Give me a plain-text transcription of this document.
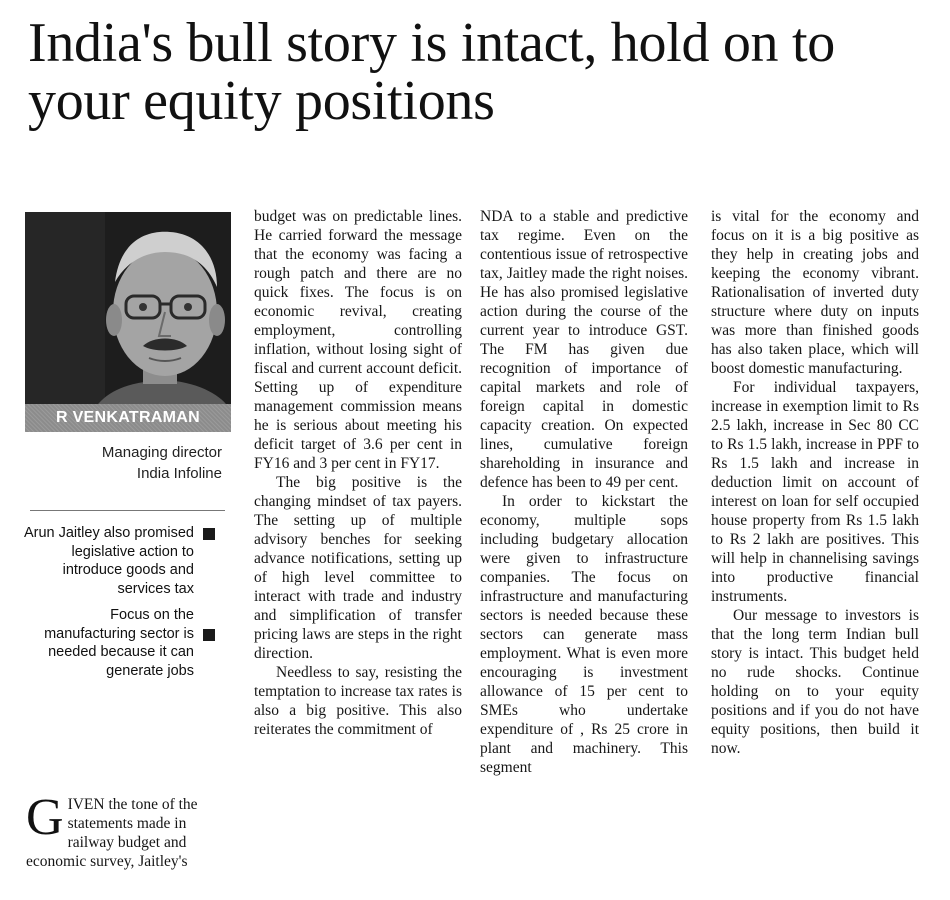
India's bull story is intact, hold on to your equity positions
R VENKATRAMAN
Managing director
India Infoline
Arun Jaitley also promised legislative action to introduce goods and services tax
Focus on the manufacturing sector is needed because it can generate jobs
G IVEN the tone of the statements made in railway budget and economic survey, Jaitley's

budget was on predictable lines. He carried forward the message that the economy was facing a rough patch and there are no quick fixes. The focus is on economic revival, creating employment, controlling inflation, without losing sight of fiscal and current account deficit. Setting up of expenditure management commission means he is serious about meeting his deficit target of 3.6 per cent in FY16 and 3 per cent in FY17.

The big positive is the changing mindset of tax payers. The setting up of multiple advisory benches for seeking advance notifications, setting up of high level committee to interact with trade and industry and simplification of transfer pricing laws are steps in the right direction.

Needless to say, resisting the temptation to increase tax rates is also a big positive. This also reiterates the commitment of

NDA to a stable and predictive tax regime. Even on the contentious issue of retrospective tax, Jaitley made the right noises. He has also promised legislative action during the course of the current year to introduce GST. The FM has given due recognition of importance of capital markets and role of foreign capital in domestic capacity creation. On expected lines, cumulative foreign shareholding in insurance and defence has been to 49 per cent.

In order to kickstart the economy, multiple sops including budgetary allocation were given to infrastructure companies. The focus on infrastructure and manufacturing sectors is needed because these sectors can generate mass employment. What is even more encouraging is investment allowance of 15 per cent to SMEs who undertake expenditure of , Rs 25 crore in plant and machinery. This segment

is vital for the economy and focus on it is a big positive as they help in creating jobs and keeping the economy vibrant. Rationalisation of inverted duty structure where duty on inputs was more than finished goods has also taken place, which will boost domestic manufacturing.

For individual taxpayers, increase in exemption limit to Rs 2.5 lakh, increase in Sec 80 CC to Rs 1.5 lakh, increase in PPF to Rs 1.5 lakh and increase in deduction limit on account of interest on loan for self occupied house property from Rs 1.5 lakh to Rs 2 lakh are positives. This will help in channelising savings into productive financial instruments.

Our message to investors is that the long term Indian bull story is intact. This budget held no rude shocks. Continue holding on to your equity positions and if you do not have equity positions, then build it now.
